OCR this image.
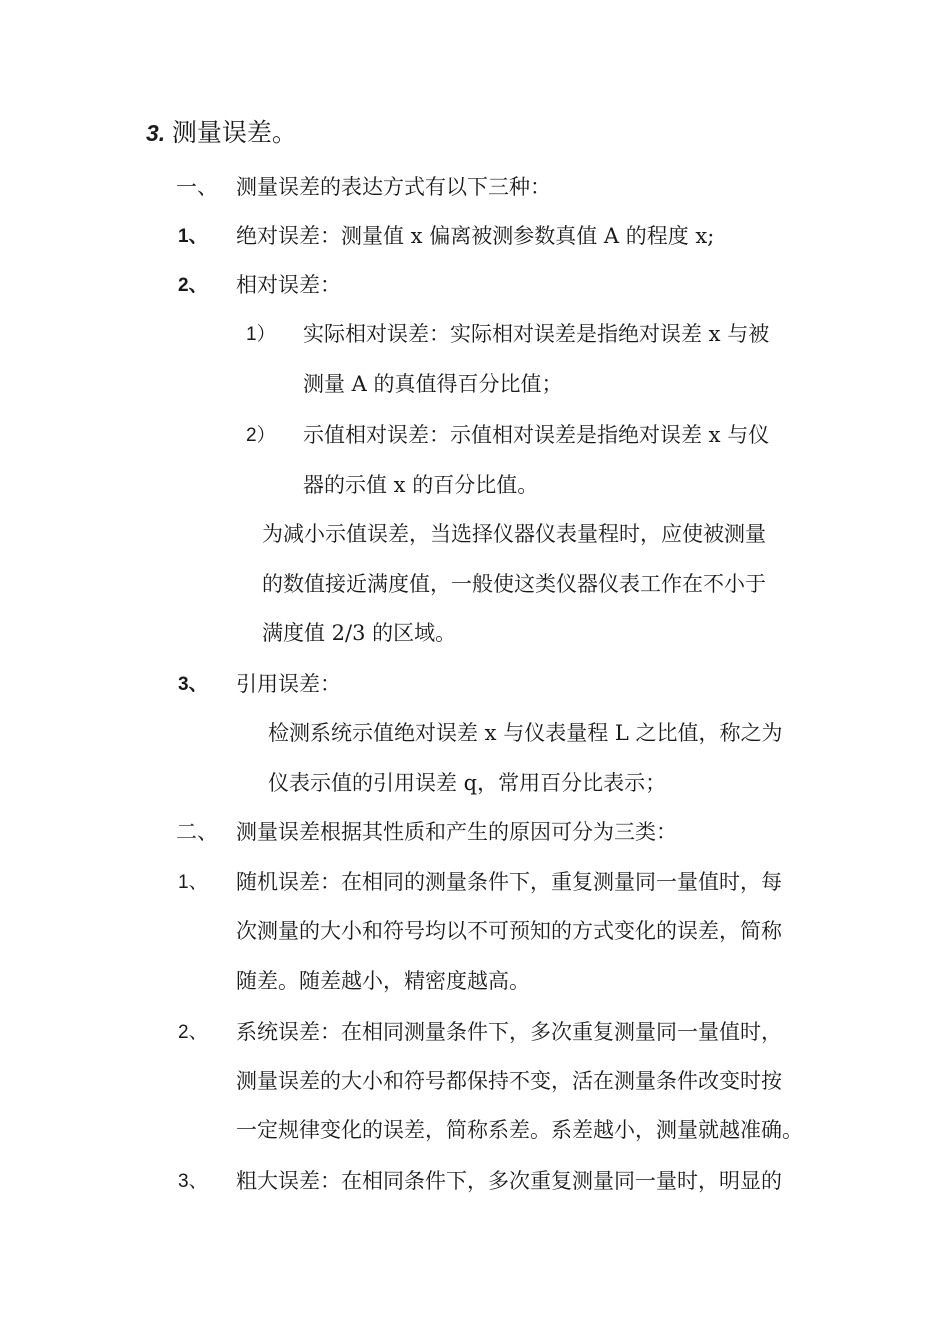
3. 测量误差。
一、 测量误差的表达方式有以下三种：
1、 绝对误差：测量值 x 偏离被测参数真值 A 的程度 x;
2、 相对误差：
1） 实际相对误差：实际相对误差是指绝对误差 x 与被
测量 A 的真值得百分比值；
2） 示值相对误差：示值相对误差是指绝对误差 x 与仪
器的示值 x 的百分比值。
为减小示值误差，当选择仪器仪表量程时，应使被测量
的数值接近满度值，一般使这类仪器仪表工作在不小于
满度值 2/3 的区域。
3、 引用误差：
检测系统示值绝对误差 x 与仪表量程 L 之比值，称之为
仪表示值的引用误差 q，常用百分比表示；
二、 测量误差根据其性质和产生的原因可分为三类：
1、 随机误差：在相同的测量条件下，重复测量同一量值时，每
次测量的大小和符号均以不可预知的方式变化的误差，简称
随差。随差越小，精密度越高。
2、 系统误差：在相同测量条件下，多次重复测量同一量值时，
测量误差的大小和符号都保持不变，活在测量条件改变时按
一定规律变化的误差，简称系差。系差越小，测量就越准确。
3、 粗大误差：在相同条件下，多次重复测量同一量时，明显的
